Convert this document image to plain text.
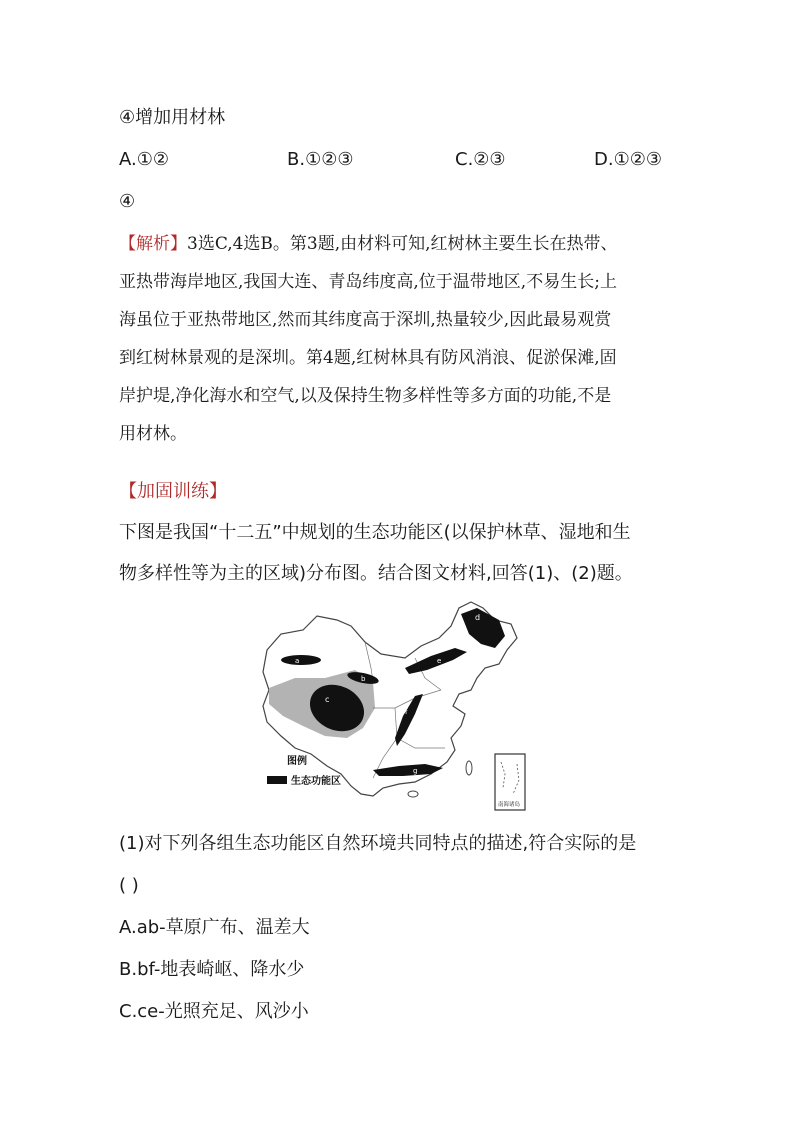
④增加用材林
A.①②	B.①②③	C.②③	D.①②③
④
【解析】3选C,4选B。第3题,由材料可知,红树林主要生长在热带、
亚热带海岸地区,我国大连、青岛纬度高,位于温带地区,不易生长;上
海虽位于亚热带地区,然而其纬度高于深圳,热量较少,因此最易观赏
到红树林景观的是深圳。第4题,红树林具有防风消浪、促淤保滩,固
岸护堤,净化海水和空气,以及保持生物多样性等多方面的功能,不是
用材林。
【加固训练】
下图是我国“十二五”中规划的生态功能区(以保护林草、湿地和生
物多样性等为主的区域)分布图。结合图文材料,回答(1)、(2)题。
a
b
c
d
e
f
g
图例
生态功能区
南海诸岛
(1)对下列各组生态功能区自然环境共同特点的描述,符合实际的是
( )
A.ab-草原广布、温差大
B.bf-地表崎岖、降水少
C.ce-光照充足、风沙小
